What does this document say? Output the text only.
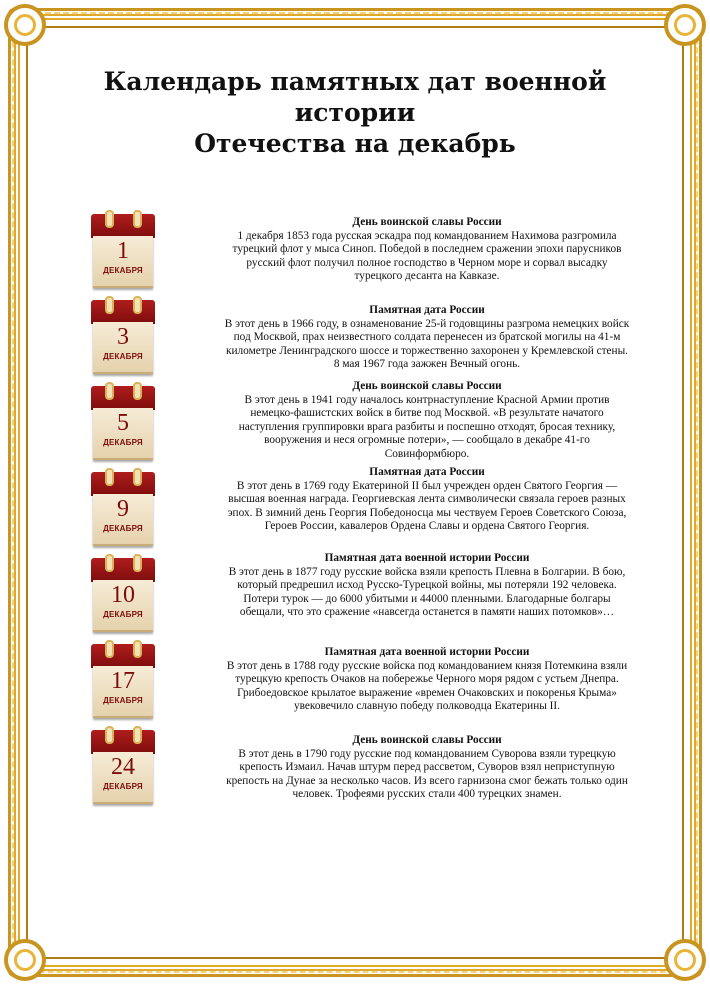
Календарь памятных дат военной истории
Отечества на декабрь
1
ДЕКАБРЯ
3
ДЕКАБРЯ
5
ДЕКАБРЯ
9
ДЕКАБРЯ
10
ДЕКАБРЯ
17
ДЕКАБРЯ
24
ДЕКАБРЯ
День воинской славы России
1 декабря 1853 года русская эскадра под командованием Нахимова разгромила турецкий флот у мыса Синоп. Победой в последнем сражении эпохи парусников русский флот получил полное господство в Черном море и сорвал высадку турецкого десанта на Кавказе.
Памятная дата России
В этот день в 1966 году, в ознаменование 25-й годовщины разгрома немецких войск под Москвой, прах неизвестного солдата перенесен из братской могилы на 41-м километре Ленинградского шоссе и торжественно захоронен у Кремлевской стены. 8 мая 1967 года зажжен Вечный огонь.
День воинской славы России
В этот день в 1941 году началось контрнаступление Красной Армии против немецко-фашистских войск в битве под Москвой. «В результате начатого наступления группировки врага разбиты и поспешно отходят, бросая технику, вооружения и неся огромные потери», — сообщало в декабре 41-го Совинформбюро.
Памятная дата России
В этот день в 1769 году Екатериной II был учрежден орден Святого Георгия — высшая военная награда. Георгиевская лента символически связала героев разных эпох. В зимний день Георгия Победоносца мы чествуем Героев Советского Союза, Героев России, кавалеров Ордена Славы и ордена Святого Георгия.
Памятная дата военной истории России
В этот день в 1877 году русские войска взяли крепость Плевна в Болгарии. В бою, который предрешил исход Русско-Турецкой войны, мы потеряли 192 человека. Потери турок — до 6000 убитыми и 44000 пленными. Благодарные болгары обещали, что это сражение «навсегда останется в памяти наших потомков»…
Памятная дата военной истории России
В этот день в 1788 году русские войска под командованием князя Потемкина взяли турецкую крепость Очаков на побережье Черного моря рядом с устьем Днепра. Грибоедовское крылатое выражение «времен Очаковских и покоренья Крыма» увековечило славную победу полководца Екатерины II.
День воинской славы России
В этот день в 1790 году русские под командованием Суворова взяли турецкую крепость Измаил. Начав штурм перед рассветом, Суворов взял неприступную крепость на Дунае за несколько часов. Из всего гарнизона смог бежать только один человек. Трофеями русских стали 400 турецких знамен.
